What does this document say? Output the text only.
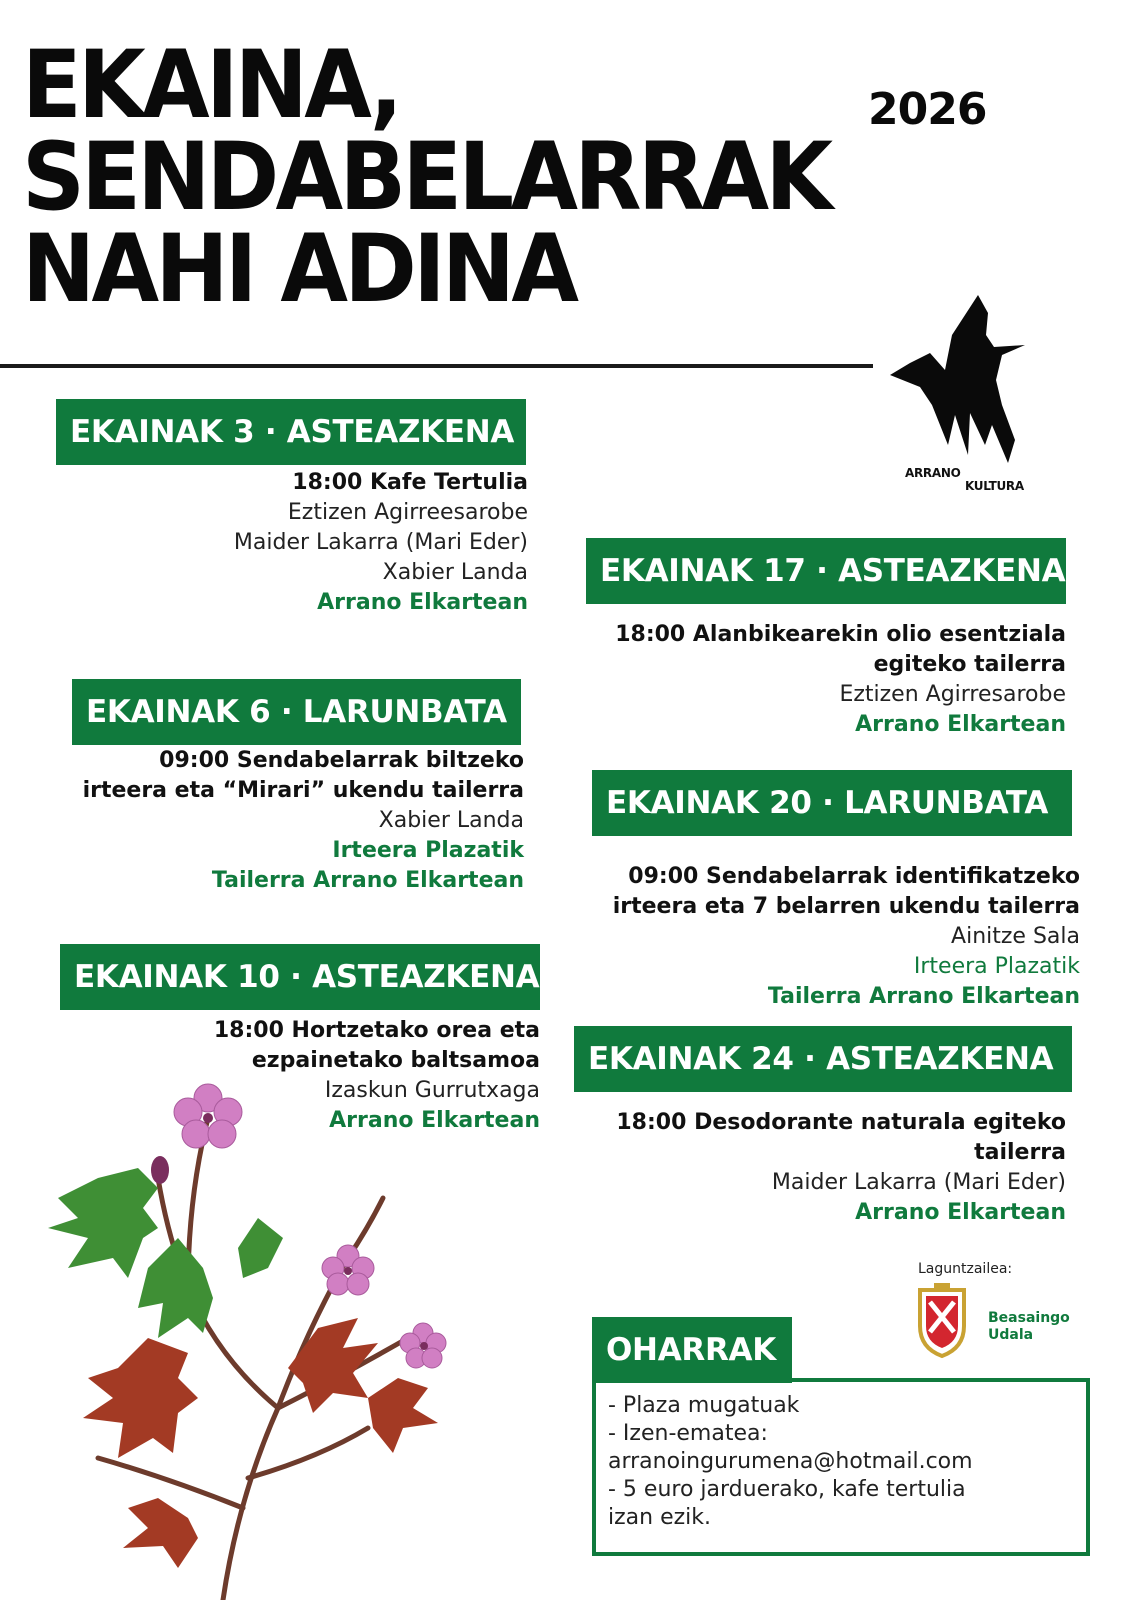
EKAINA,
SENDABELARRAK
NAHI ADINA
2026
ARRANO
KULTURA
EKAINAK 3 · ASTEAZKENA
18:00 Kafe Tertulia
Eztizen Agirreesarobe
Maider Lakarra (Mari Eder)
Xabier Landa
Arrano Elkartean
EKAINAK 6 · LARUNBATA
09:00 Sendabelarrak biltzeko
irteera eta “Mirari” ukendu tailerra
Xabier Landa
Irteera Plazatik
Tailerra Arrano Elkartean
EKAINAK 10 · ASTEAZKENA
18:00 Hortzetako orea eta
ezpainetako baltsamoa
Izaskun Gurrutxaga
Arrano Elkartean
EKAINAK 17 · ASTEAZKENA
18:00 Alanbikearekin olio esentziala
egiteko tailerra
Eztizen Agirresarobe
Arrano Elkartean
EKAINAK 20 · LARUNBATA
09:00 Sendabelarrak identifikatzeko
irteera eta 7 belarren ukendu tailerra
Ainitze Sala
Irteera Plazatik
Tailerra Arrano Elkartean
EKAINAK 24 · ASTEAZKENA
18:00 Desodorante naturala egiteko
tailerra
Maider Lakarra (Mari Eder)
Arrano Elkartean
Laguntzailea:
Beasaingo
Udala
OHARRAK
- Plaza mugatuak
- Izen-ematea:
arranoingurumena@hotmail.com
- 5 euro jarduerako, kafe tertulia
izan ezik.
